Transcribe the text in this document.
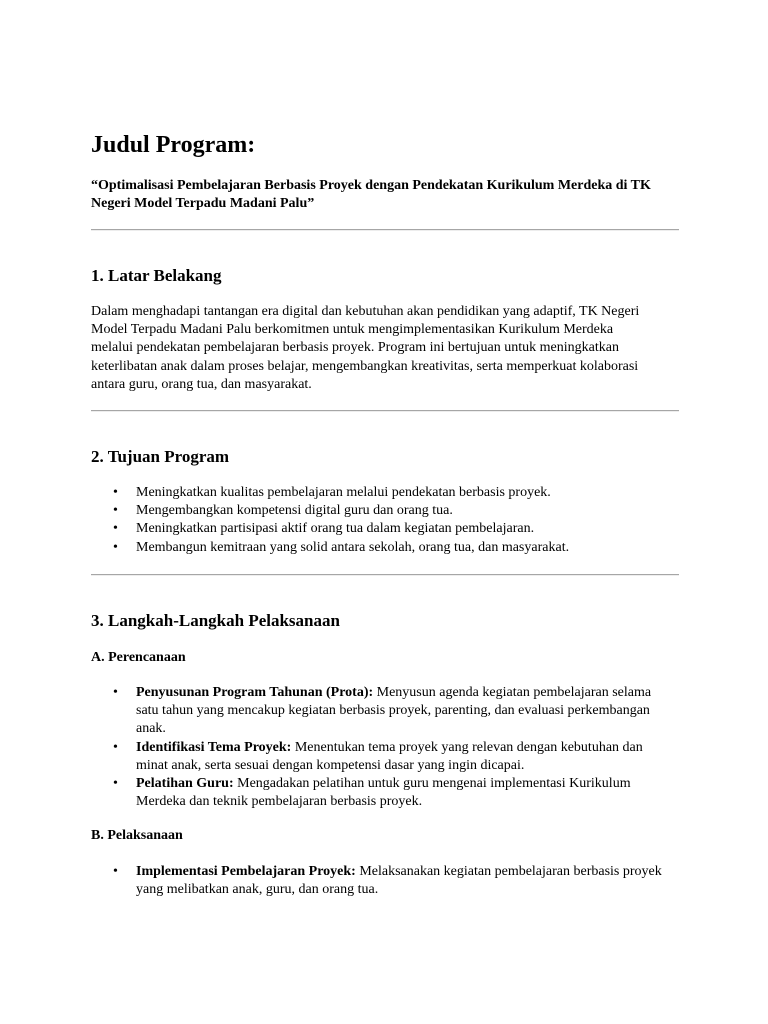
Judul Program:

“Optimalisasi Pembelajaran Berbasis Proyek dengan Pendekatan Kurikulum Merdeka di TK Negeri Model Terpadu Madani Palu”

1. Latar Belakang

Dalam menghadapi tantangan era digital dan kebutuhan akan pendidikan yang adaptif, TK Negeri Model Terpadu Madani Palu berkomitmen untuk mengimplementasikan Kurikulum Merdeka melalui pendekatan pembelajaran berbasis proyek. Program ini bertujuan untuk meningkatkan keterlibatan anak dalam proses belajar, mengembangkan kreativitas, serta memperkuat kolaborasi antara guru, orang tua, dan masyarakat.

2. Tujuan Program
• Meningkatkan kualitas pembelajaran melalui pendekatan berbasis proyek.
• Mengembangkan kompetensi digital guru dan orang tua.
• Meningkatkan partisipasi aktif orang tua dalam kegiatan pembelajaran.
• Membangun kemitraan yang solid antara sekolah, orang tua, dan masyarakat.
3. Langkah-Langkah Pelaksanaan
A. Perencanaan
• Penyusunan Program Tahunan (Prota): Menyusun agenda kegiatan pembelajaran selama satu tahun yang mencakup kegiatan berbasis proyek, parenting, dan evaluasi perkembangan anak.
• Identifikasi Tema Proyek: Menentukan tema proyek yang relevan dengan kebutuhan dan minat anak, serta sesuai dengan kompetensi dasar yang ingin dicapai.
• Pelatihan Guru: Mengadakan pelatihan untuk guru mengenai implementasi Kurikulum Merdeka dan teknik pembelajaran berbasis proyek.
B. Pelaksanaan
• Implementasi Pembelajaran Proyek: Melaksanakan kegiatan pembelajaran berbasis proyek yang melibatkan anak, guru, dan orang tua.
